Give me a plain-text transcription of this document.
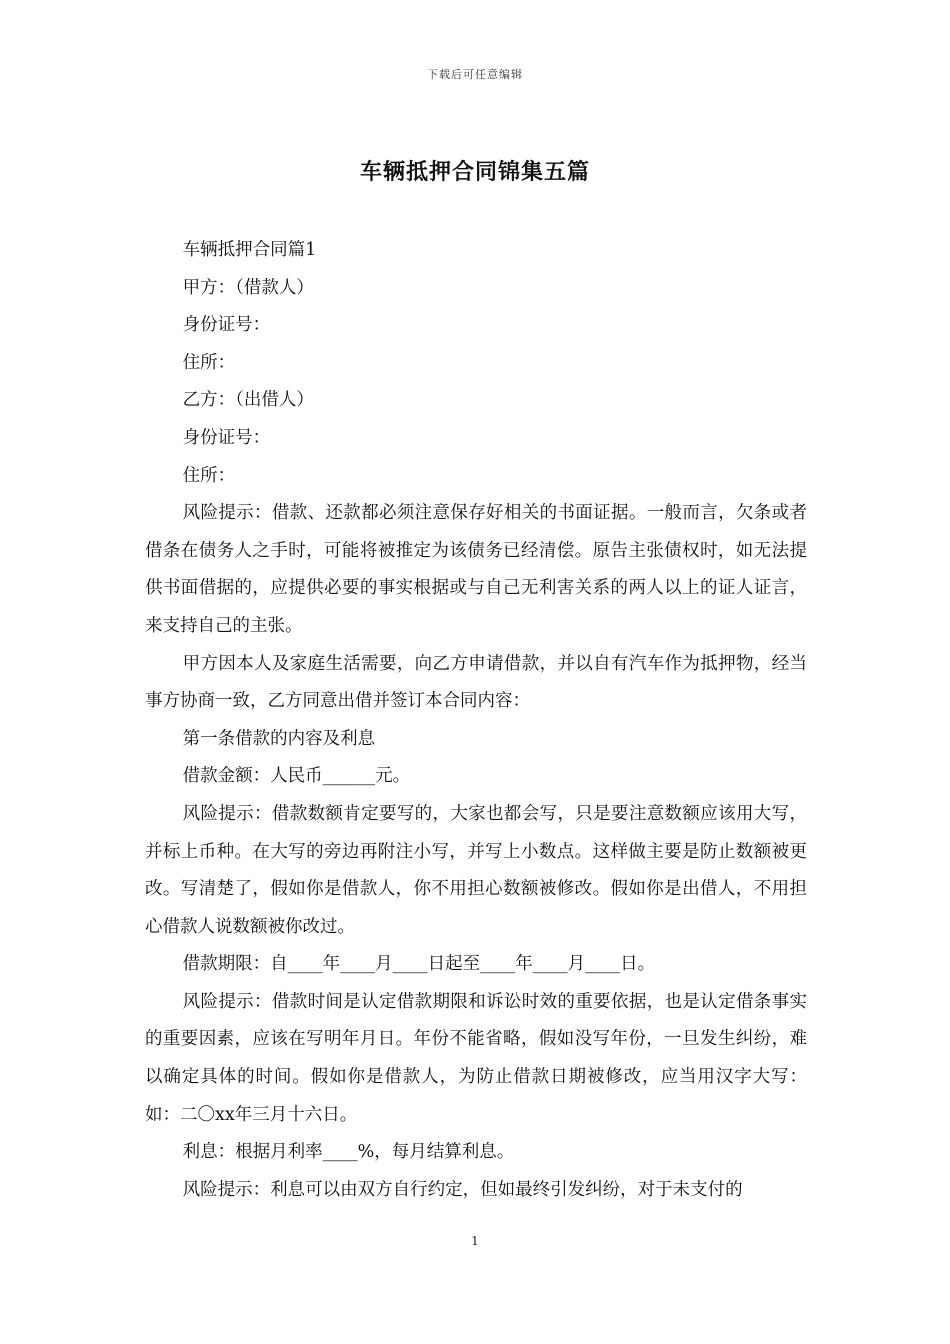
下载后可任意编辑
车辆抵押合同锦集五篇

车辆抵押合同篇1

甲方：（借款人）

身份证号：

住所：

乙方：（出借人）

身份证号：

住所：

风险提示：借款、还款都必须注意保存好相关的书面证据。一般而言，欠条或者借条在债务人之手时，可能将被推定为该债务已经清偿。原告主张债权时，如无法提供书面借据的，应提供必要的事实根据或与自己无利害关系的两人以上的证人证言，来支持自己的主张。

甲方因本人及家庭生活需要，向乙方申请借款，并以自有汽车作为抵押物，经当事方协商一致，乙方同意出借并签订本合同内容：

第一条借款的内容及利息

借款金额：人民币______元。

风险提示：借款数额肯定要写的，大家也都会写，只是要注意数额应该用大写，并标上币种。在大写的旁边再附注小写，并写上小数点。这样做主要是防止数额被更改。写清楚了，假如你是借款人，你不用担心数额被修改。假如你是出借人，不用担心借款人说数额被你改过。

借款期限：自____年____月____日起至____年____月____日。

风险提示：借款时间是认定借款期限和诉讼时效的重要依据，也是认定借条事实的重要因素，应该在写明年月日。年份不能省略，假如没写年份，一旦发生纠纷，难以确定具体的时间。假如你是借款人，为防止借款日期被修改，应当用汉字大写：如：二〇xx年三月十六日。

利息：根据月利率____%，每月结算利息。

风险提示：利息可以由双方自行约定，但如最终引发纠纷，对于未支付的

1
